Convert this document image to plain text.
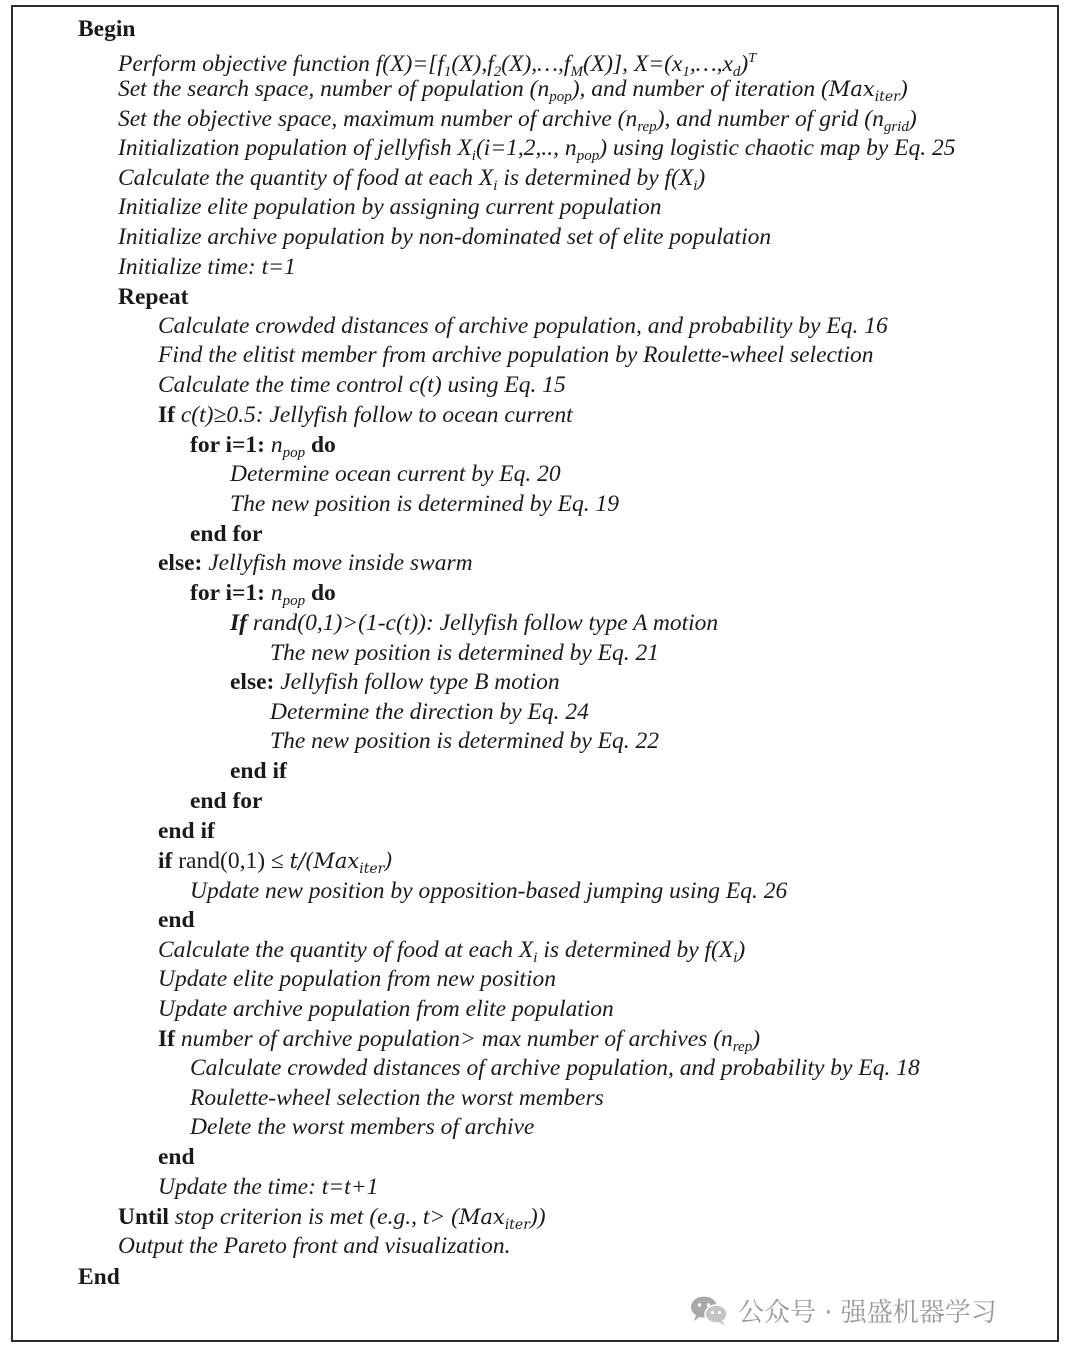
Begin
Perform objective function $f(X)=[f_1(X),f_2(X),\dots,f_M(X)]$, $X=(x_1,\dots,x_d)^T$
Set the search space, number of population $(n_{pop})$, and number of iteration (Max$_{iter}$)
Set the objective space, maximum number of archive $(n_{rep})$, and number of grid $(n_{grid})$
Initialization population of jellyfish $X_i(i=1,2$,.., $n_{pop}$) using logistic chaotic map by Eq. 25
Calculate the quantity of food at each $X_i$ is determined by $f(X_i)$
Initialize elite population by assigning current population
Initialize archive population by non-dominated set of elite population
Initialize time: t=1
Repeat
Calculate crowded distances of archive population, and probability by Eq. 16
Find the elitist member from archive population by Roulette-wheel selection
Calculate the time control c(t) using Eq. 15
If c(t)≥0.5: Jellyfish follow to ocean current
for i=1: $n_{pop}$ do
Determine ocean current by Eq. 20
The new position is determined by Eq. 19
end for
else: Jellyfish move inside swarm
for i=1: $n_{pop}$ do
If rand(0,1)>(1-c(t)): Jellyfish follow type A motion
The new position is determined by Eq. 21
else: Jellyfish follow type B motion
Determine the direction by Eq. 24
The new position is determined by Eq. 22
end if
end for
end if
if rand(0,1) ≤ t/(Max$_{iter}$)
Update new position by opposition-based jumping using Eq. 26
end
Calculate the quantity of food at each $X_i$ is determined by $f(X_i)$
Update elite population from new position
Update archive population from elite population
If number of archive population> max number of archives $(n_{rep})$
Calculate crowded distances of archive population, and probability by Eq. 18
Roulette-wheel selection the worst members
Delete the worst members of archive
end
Update the time: t=t+1
Until stop criterion is met (e.g., t> (Max$_{iter}$))
Output the Pareto front and visualization.
End
公众号 · 强盛机器学习
